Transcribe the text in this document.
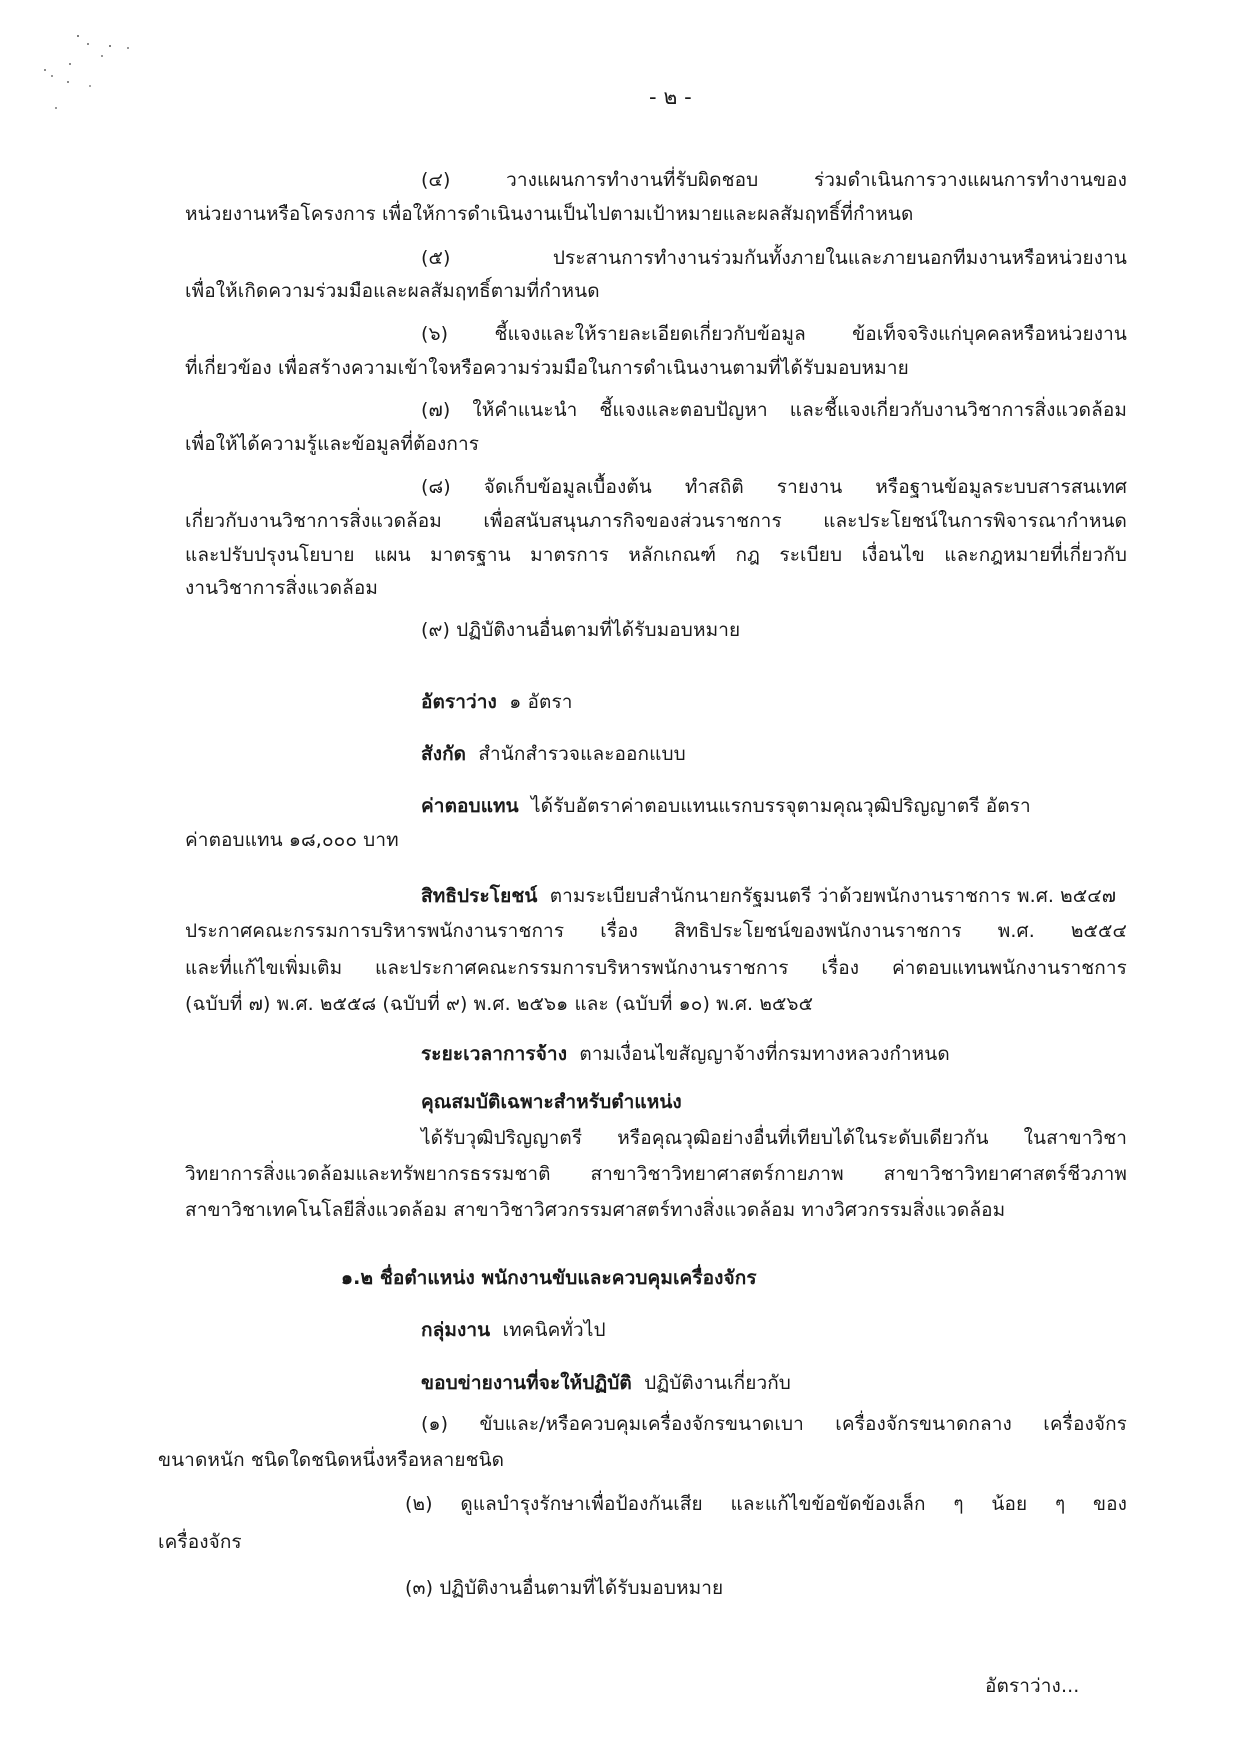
- ๒ -
(๔) วางแผนการทำงานที่รับผิดชอบ ร่วมดำเนินการวางแผนการทำงานของ
หน่วยงานหรือโครงการ เพื่อให้การดำเนินงานเป็นไปตามเป้าหมายและผลสัมฤทธิ์ที่กำหนด
(๕) ประสานการทำงานร่วมกันทั้งภายในและภายนอกทีมงานหรือหน่วยงาน
เพื่อให้เกิดความร่วมมือและผลสัมฤทธิ์ตามที่กำหนด
(๖) ชี้แจงและให้รายละเอียดเกี่ยวกับข้อมูล ข้อเท็จจริงแก่บุคคลหรือหน่วยงาน
ที่เกี่ยวข้อง เพื่อสร้างความเข้าใจหรือความร่วมมือในการดำเนินงานตามที่ได้รับมอบหมาย
(๗) ให้คำแนะนำ ชี้แจงและตอบปัญหา และชี้แจงเกี่ยวกับงานวิชาการสิ่งแวดล้อม
เพื่อให้ได้ความรู้และข้อมูลที่ต้องการ
(๘) จัดเก็บข้อมูลเบื้องต้น ทำสถิติ รายงาน หรือฐานข้อมูลระบบสารสนเทศ
เกี่ยวกับงานวิชาการสิ่งแวดล้อม เพื่อสนับสนุนภารกิจของส่วนราชการ และประโยชน์ในการพิจารณากำหนด
และปรับปรุงนโยบาย แผน มาตรฐาน มาตรการ หลักเกณฑ์ กฎ ระเบียบ เงื่อนไข และกฎหมายที่เกี่ยวกับ
งานวิชาการสิ่งแวดล้อม
(๙) ปฏิบัติงานอื่นตามที่ได้รับมอบหมาย
อัตราว่าง ๑ อัตรา
สังกัด สำนักสำรวจและออกแบบ
ค่าตอบแทน ได้รับอัตราค่าตอบแทนแรกบรรจุตามคุณวุฒิปริญญาตรี อัตรา
ค่าตอบแทน ๑๘,๐๐๐ บาท
สิทธิประโยชน์ ตามระเบียบสำนักนายกรัฐมนตรี ว่าด้วยพนักงานราชการ พ.ศ. ๒๕๔๗
ประกาศคณะกรรมการบริหารพนักงานราชการ เรื่อง สิทธิประโยชน์ของพนักงานราชการ พ.ศ. ๒๕๕๔
และที่แก้ไขเพิ่มเติม และประกาศคณะกรรมการบริหารพนักงานราชการ เรื่อง ค่าตอบแทนพนักงานราชการ
(ฉบับที่ ๗) พ.ศ. ๒๕๕๘ (ฉบับที่ ๙) พ.ศ. ๒๕๖๑ และ (ฉบับที่ ๑๐) พ.ศ. ๒๕๖๕
ระยะเวลาการจ้าง ตามเงื่อนไขสัญญาจ้างที่กรมทางหลวงกำหนด
คุณสมบัติเฉพาะสำหรับตำแหน่ง
ได้รับวุฒิปริญญาตรี หรือคุณวุฒิอย่างอื่นที่เทียบได้ในระดับเดียวกัน ในสาขาวิชา
วิทยาการสิ่งแวดล้อมและทรัพยากรธรรมชาติ สาขาวิชาวิทยาศาสตร์กายภาพ สาขาวิชาวิทยาศาสตร์ชีวภาพ
สาขาวิชาเทคโนโลยีสิ่งแวดล้อม สาขาวิชาวิศวกรรมศาสตร์ทางสิ่งแวดล้อม ทางวิศวกรรมสิ่งแวดล้อม
๑.๒ ชื่อตำแหน่ง พนักงานขับและควบคุมเครื่องจักร
กลุ่มงาน เทคนิคทั่วไป
ขอบข่ายงานที่จะให้ปฏิบัติ ปฏิบัติงานเกี่ยวกับ
(๑) ขับและ/หรือควบคุมเครื่องจักรขนาดเบา เครื่องจักรขนาดกลาง เครื่องจักร
ขนาดหนัก ชนิดใดชนิดหนึ่งหรือหลายชนิด
(๒) ดูแลบำรุงรักษาเพื่อป้องกันเสีย และแก้ไขข้อขัดข้องเล็ก ๆ น้อย ๆ ของ
เครื่องจักร
(๓) ปฏิบัติงานอื่นตามที่ได้รับมอบหมาย
อัตราว่าง...
